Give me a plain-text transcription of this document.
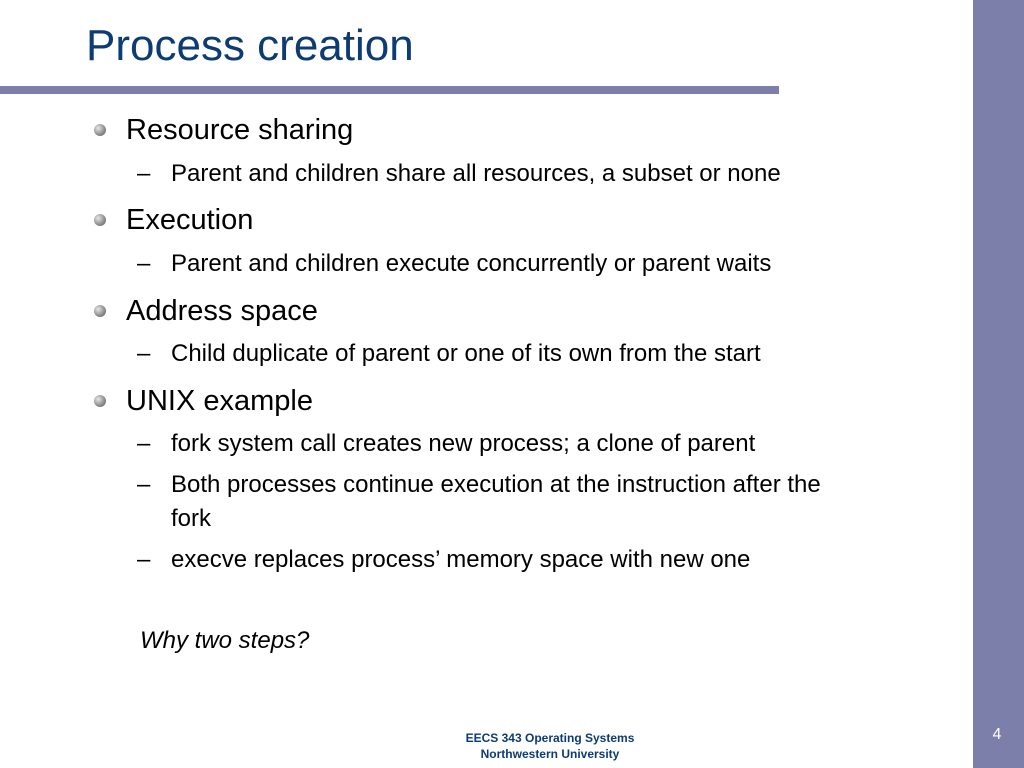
Process creation
Resource sharing
– Parent and children share all resources, a subset or none
Execution
– Parent and children execute concurrently or parent waits
Address space
– Child duplicate of parent or one of its own from the start
UNIX example
– fork system call creates new process; a clone of parent
– Both processes continue execution at the instruction after the
fork
– execve replaces process’ memory space with new one
Why two steps?
EECS 343 Operating Systems
Northwestern University
4
